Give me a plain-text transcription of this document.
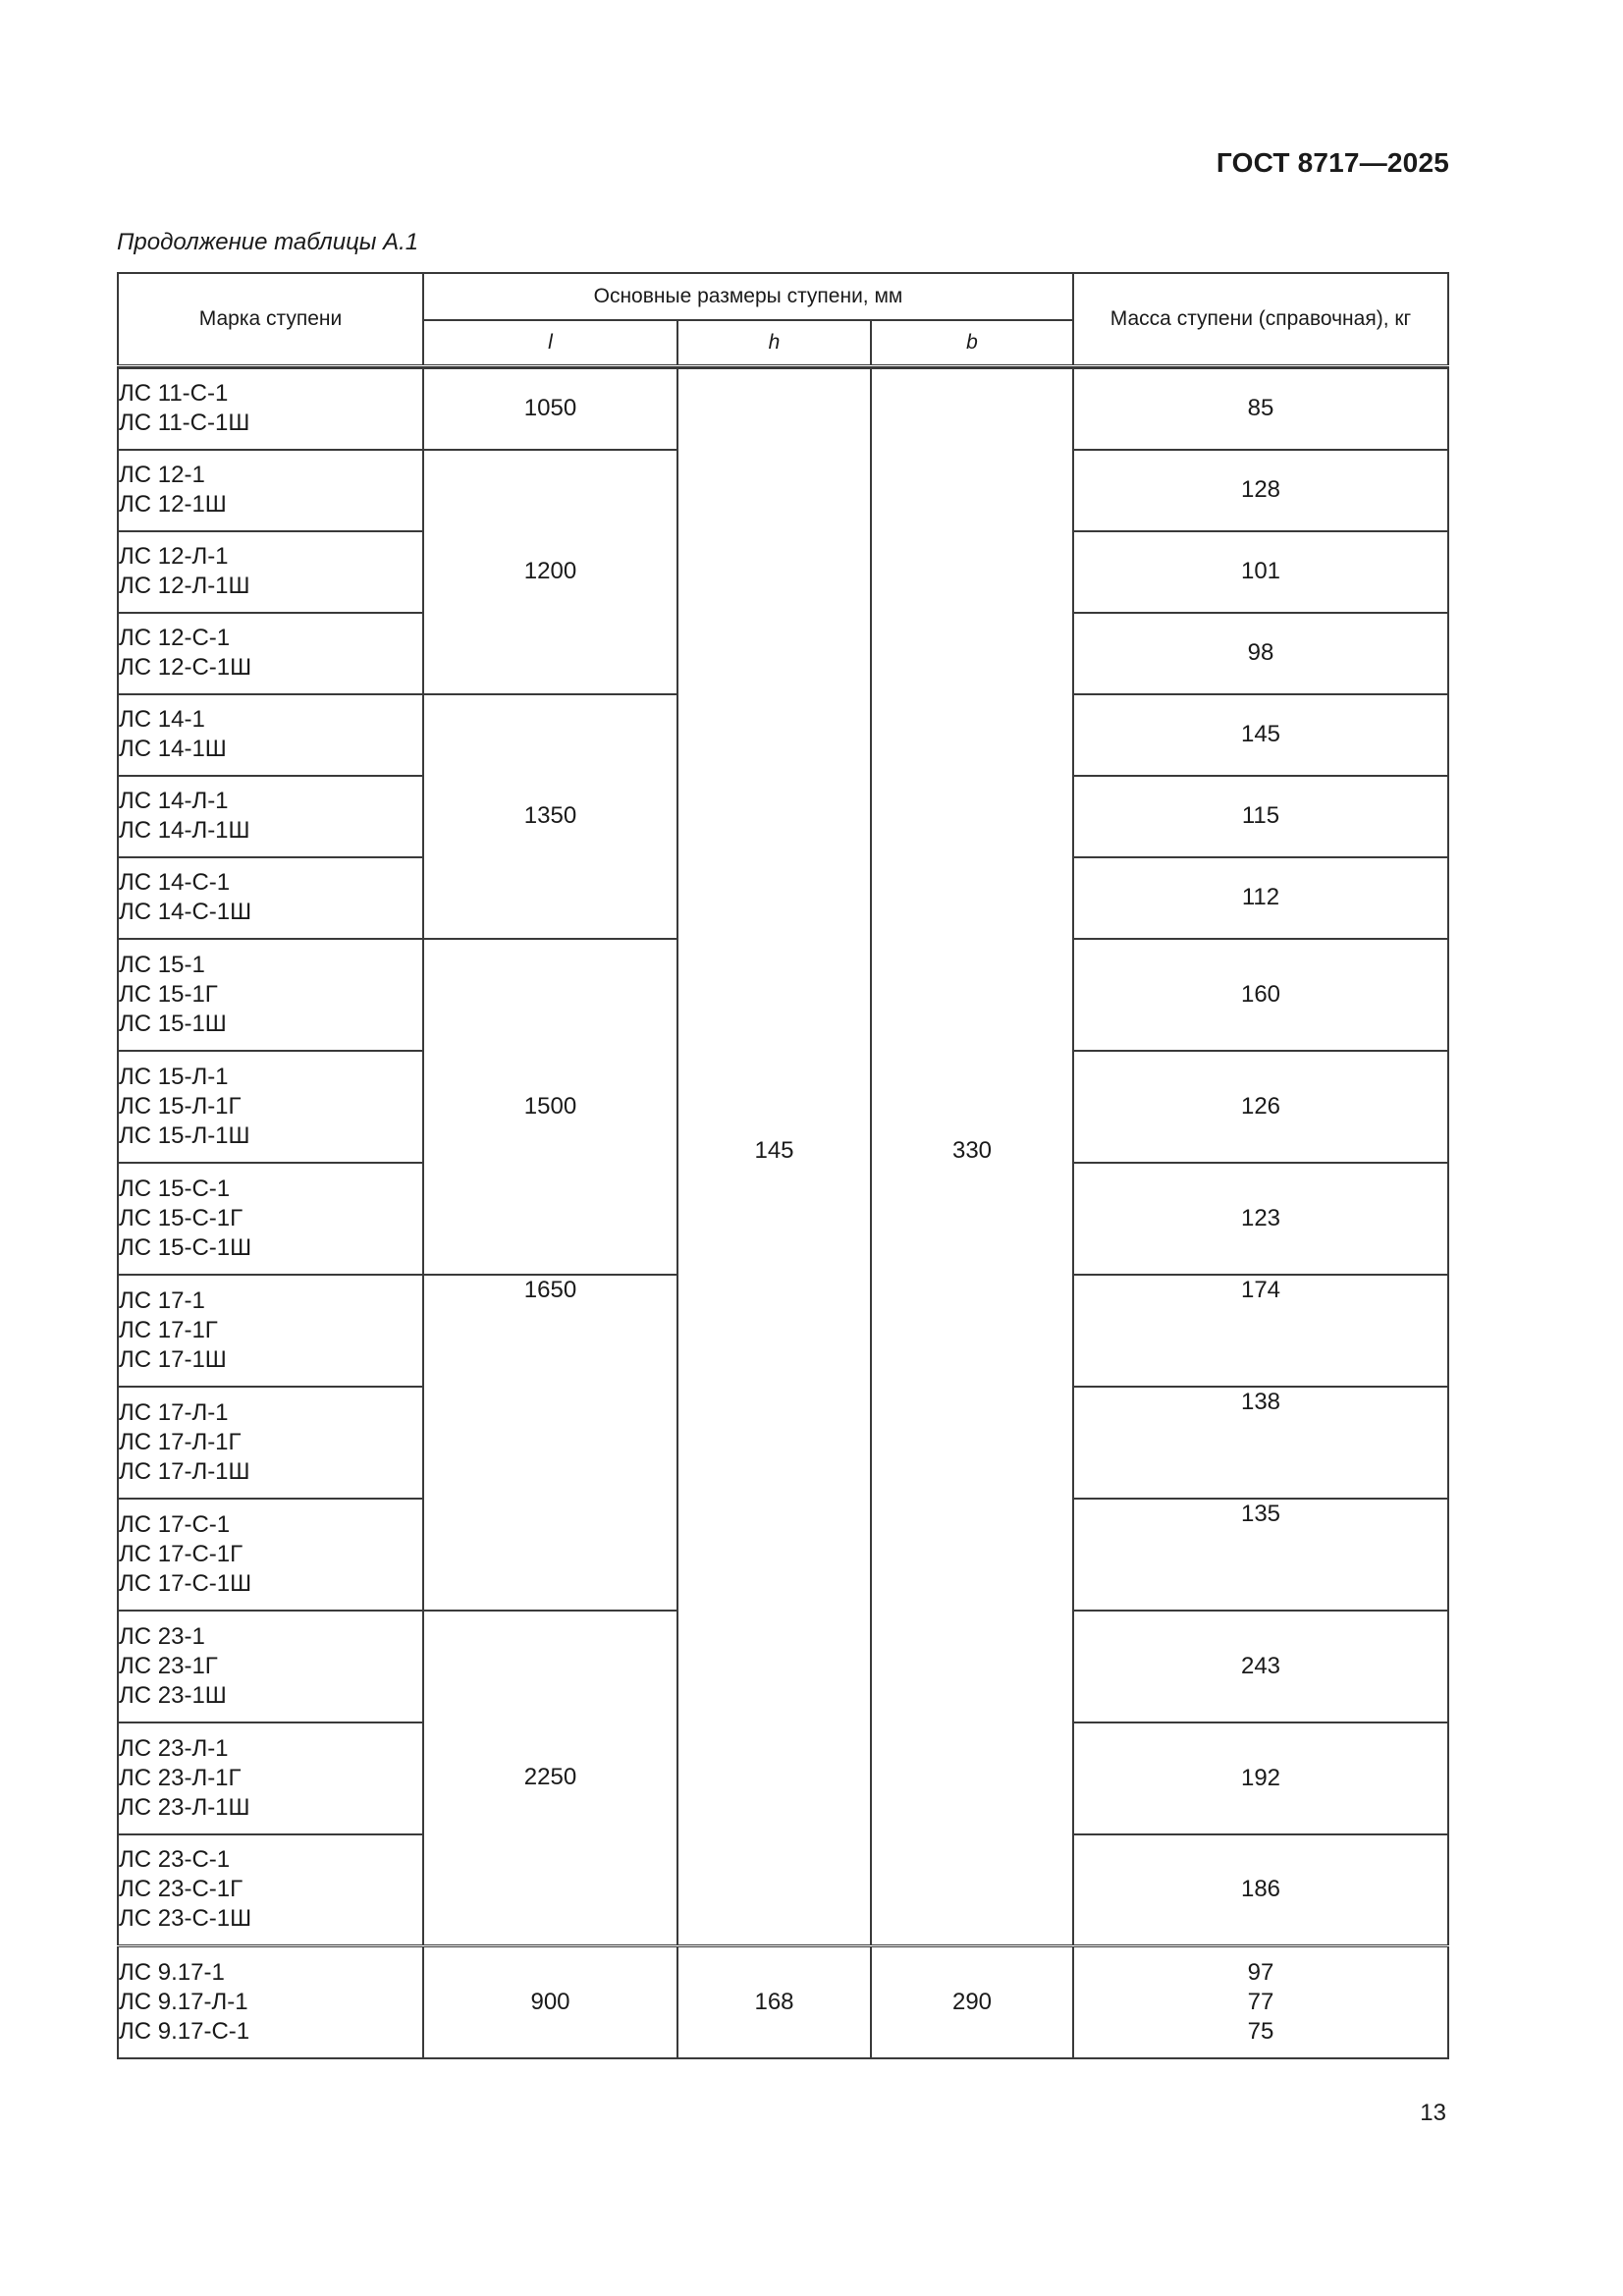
ГОСТ 8717—2025
Продолжение таблицы А.1
Марка ступени	Основные размеры ступени, мм			Масса ступени (справочная), кг
	l	h	b	

ЛС 11-С-1
ЛС 11-С-1Ш	1050	145	330	85

ЛС 12-1
ЛС 12-1Ш	1200			128

ЛС 12-Л-1
ЛС 12-Л-1Ш				101

ЛС 12-С-1
ЛС 12-С-1Ш				98

ЛС 14-1
ЛС 14-1Ш	1350			145

ЛС 14-Л-1
ЛС 14-Л-1Ш				115

ЛС 14-С-1
ЛС 14-С-1Ш				112

ЛС 15-1
ЛС 15-1Г
ЛС 15-1Ш	1500			160

ЛС 15-Л-1
ЛС 15-Л-1Г
ЛС 15-Л-1Ш				126

ЛС 15-С-1
ЛС 15-С-1Г
ЛС 15-С-1Ш				123

ЛС 17-1
ЛС 17-1Г
ЛС 17-1Ш	1650			174

ЛС 17-Л-1
ЛС 17-Л-1Г
ЛС 17-Л-1Ш				138

ЛС 17-С-1
ЛС 17-С-1Г
ЛС 17-С-1Ш				135

ЛС 23-1
ЛС 23-1Г
ЛС 23-1Ш	2250			243

ЛС 23-Л-1
ЛС 23-Л-1Г
ЛС 23-Л-1Ш				192

ЛС 23-С-1
ЛС 23-С-1Г
ЛС 23-С-1Ш				186

ЛС 9.17-1
ЛС 9.17-Л-1
ЛС 9.17-С-1	900	168	290	97
77
75
13
